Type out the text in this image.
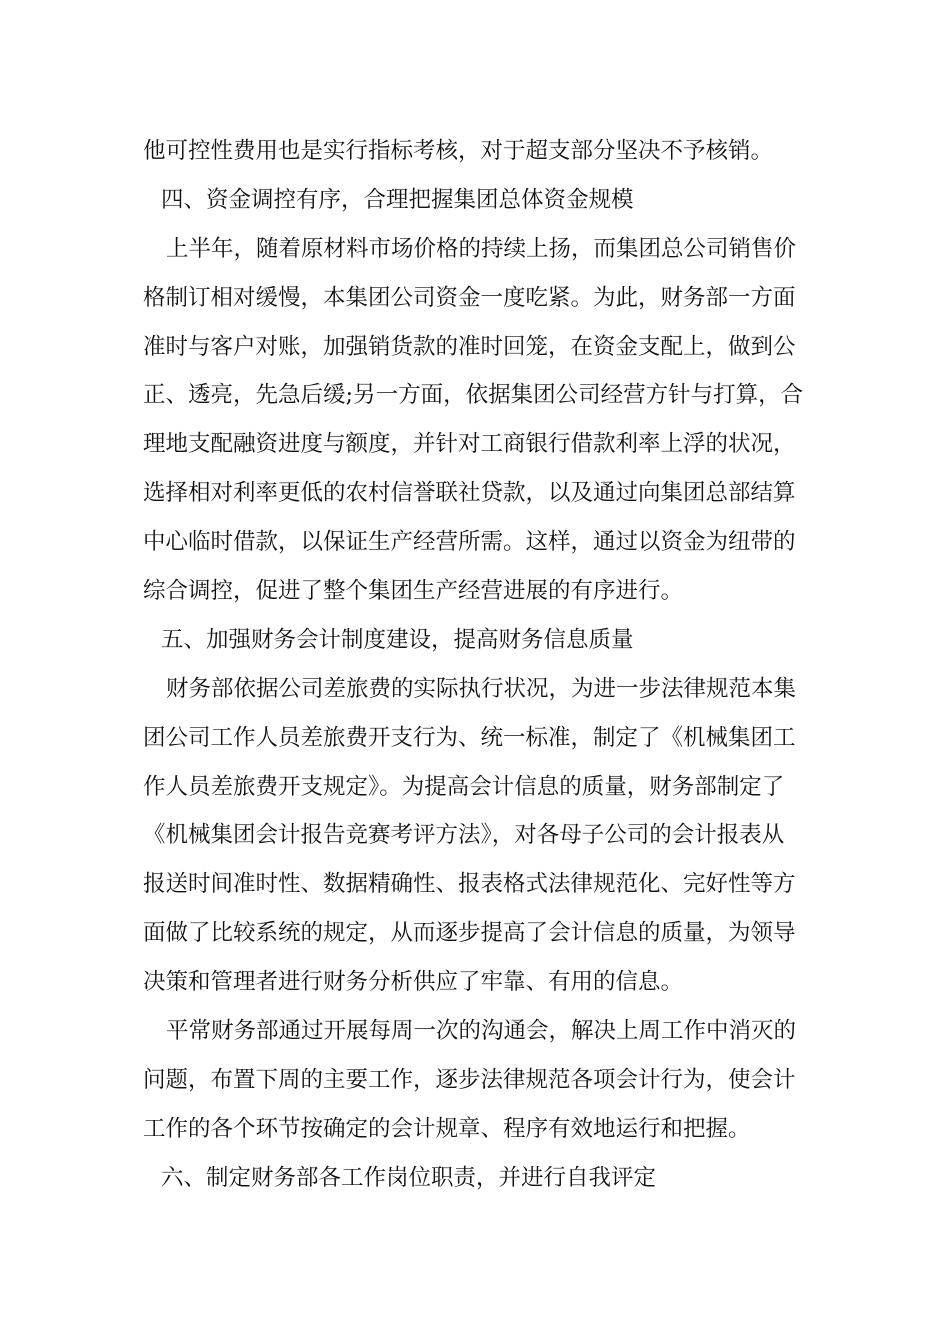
他可控性费用也是实行指标考核，对于超支部分坚决不予核销。
四、资金调控有序，合理把握集团总体资金规模
上半年，随着原材料市场价格的持续上扬，而集团总公司销售价
格制订相对缓慢，本集团公司资金一度吃紧。为此，财务部一方面
准时与客户对账，加强销货款的准时回笼，在资金支配上，做到公
正、透亮，先急后缓;另一方面，依据集团公司经营方针与打算，合
理地支配融资进度与额度，并针对工商银行借款利率上浮的状况，
选择相对利率更低的农村信誉联社贷款，以及通过向集团总部结算
中心临时借款，以保证生产经营所需。这样，通过以资金为纽带的
综合调控，促进了整个集团生产经营进展的有序进行。
五、加强财务会计制度建设，提高财务信息质量
财务部依据公司差旅费的实际执行状况，为进一步法律规范本集
团公司工作人员差旅费开支行为、统一标准，制定了《机械集团工
作人员差旅费开支规定》。为提高会计信息的质量，财务部制定了
《机械集团会计报告竞赛考评方法》，对各母子公司的会计报表从
报送时间准时性、数据精确性、报表格式法律规范化、完好性等方
面做了比较系统的规定，从而逐步提高了会计信息的质量，为领导
决策和管理者进行财务分析供应了牢靠、有用的信息。
平常财务部通过开展每周一次的沟通会，解决上周工作中消灭的
问题，布置下周的主要工作，逐步法律规范各项会计行为，使会计
工作的各个环节按确定的会计规章、程序有效地运行和把握。
六、制定财务部各工作岗位职责，并进行自我评定
